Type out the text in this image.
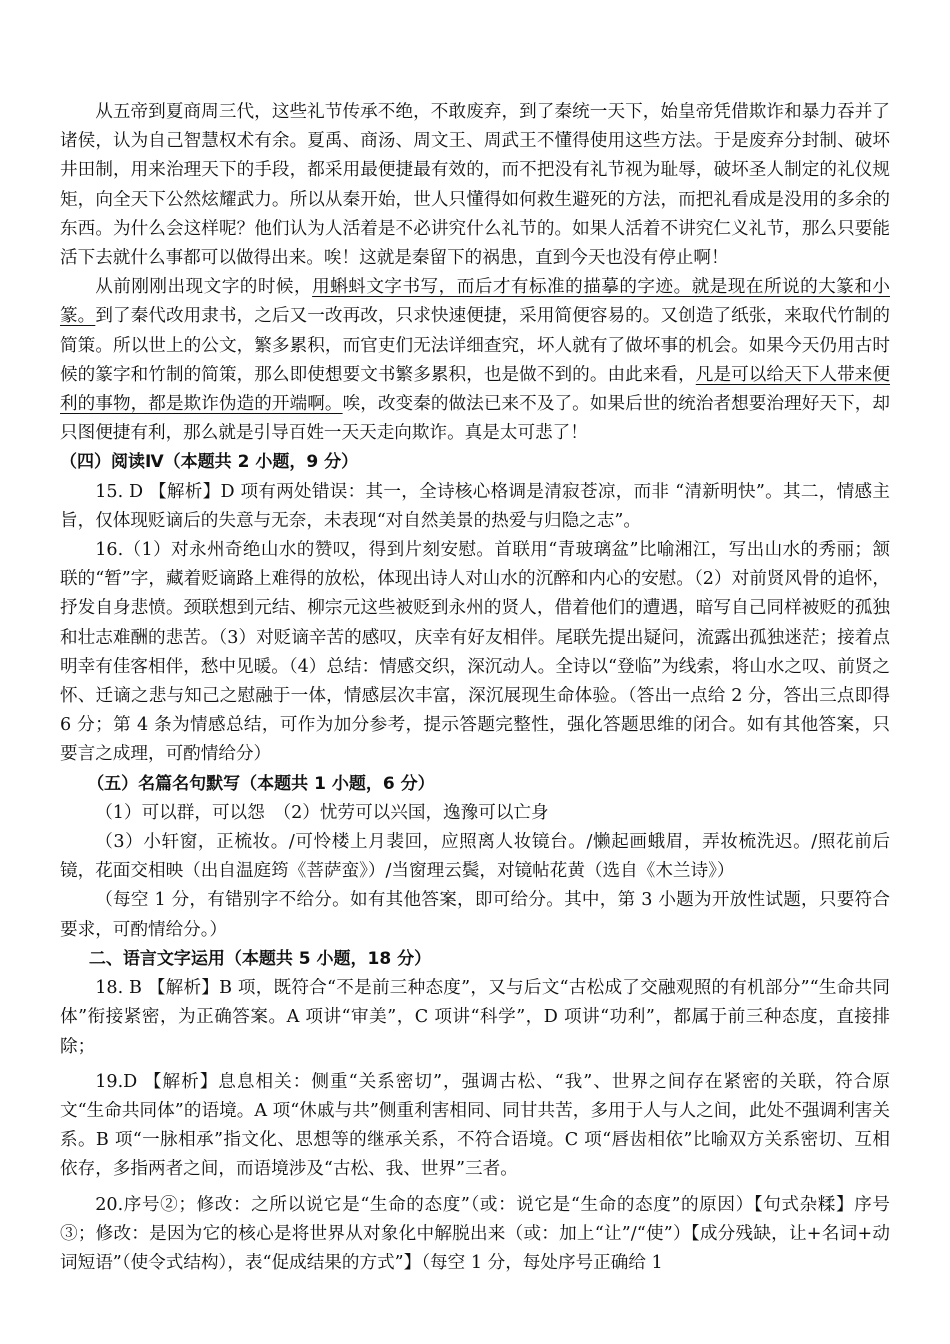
从五帝到夏商周三代，这些礼节传承不绝，不敢废弃，到了秦统一天下，始皇帝凭借欺诈和暴力吞并了诸侯，认为自己智慧权术有余。夏禹、商汤、周文王、周武王不懂得使用这些方法。于是废弃分封制、破坏井田制，用来治理天下的手段，都采用最便捷最有效的，而不把没有礼节视为耻辱，破坏圣人制定的礼仪规矩，向全天下公然炫耀武力。所以从秦开始，世人只懂得如何救生避死的方法，而把礼看成是没用的多余的东西。为什么会这样呢？他们认为人活着是不必讲究什么礼节的。如果人活着不讲究仁义礼节，那么只要能活下去就什么事都可以做得出来。唉！这就是秦留下的祸患，直到今天也没有停止啊！

从前刚刚出现文字的时候，用蝌蚪文字书写，而后才有标准的描摹的字迹。就是现在所说的大篆和小篆。到了秦代改用隶书，之后又一改再改，只求快速便捷，采用简便容易的。又创造了纸张，来取代竹制的简策。所以世上的公文，繁多累积，而官吏们无法详细查究，坏人就有了做坏事的机会。如果今天仍用古时候的篆字和竹制的简策，那么即使想要文书繁多累积，也是做不到的。由此来看，凡是可以给天下人带来便利的事物，都是欺诈伪造的开端啊。唉，改变秦的做法已来不及了。如果后世的统治者想要治理好天下，却只图便捷有利，那么就是引导百姓一天天走向欺诈。真是太可悲了！

（四）阅读Ⅳ（本题共 2 小题，9 分）

15. D 【解析】D 项有两处错误：其一，全诗核心格调是清寂苍凉，而非 “清新明快”。其二，情感主旨，仅体现贬谪后的失意与无奈，未表现“对自然美景的热爱与归隐之志”。

16.（1）对永州奇绝山水的赞叹，得到片刻安慰。首联用“青玻璃盆”比喻湘江，写出山水的秀丽；颔联的“暂”字，藏着贬谪路上难得的放松，体现出诗人对山水的沉醉和内心的安慰。（2）对前贤风骨的追怀，抒发自身悲愤。颈联想到元结、柳宗元这些被贬到永州的贤人，借着他们的遭遇，暗写自己同样被贬的孤独和壮志难酬的悲苦。（3）对贬谪辛苦的感叹，庆幸有好友相伴。尾联先提出疑问，流露出孤独迷茫；接着点明幸有佳客相伴，愁中见暖。（4）总结：情感交织，深沉动人。全诗以“登临”为线索，将山水之叹、前贤之怀、迁谪之悲与知己之慰融于一体，情感层次丰富，深沉展现生命体验。（答出一点给 2 分，答出三点即得 6 分；第 4 条为情感总结，可作为加分参考，提示答题完整性，强化答题思维的闭合。如有其他答案，只要言之成理，可酌情给分）

（五）名篇名句默写（本题共 1 小题，6 分）

（1）可以群，可以怨　（2）忧劳可以兴国，逸豫可以亡身

（3）小轩窗，正梳妆。/可怜楼上月裴回，应照离人妆镜台。/懒起画蛾眉，弄妆梳洗迟。/照花前后镜，花面交相映（出自温庭筠《菩萨蛮》）/当窗理云鬓，对镜帖花黄（选自《木兰诗》）

（每空 1 分，有错别字不给分。如有其他答案，即可给分。其中，第 3 小题为开放性试题，只要符合要求，可酌情给分。）

二、语言文字运用（本题共 5 小题，18 分）

18. B 【解析】B 项，既符合“不是前三种态度”，又与后文“古松成了交融观照的有机部分”“生命共同体”衔接紧密，为正确答案。A 项讲“审美”，C 项讲“科学”，D 项讲“功利”，都属于前三种态度，直接排除；

19.D 【解析】息息相关：侧重“关系密切”，强调古松、“我”、世界之间存在紧密的关联，符合原文“生命共同体”的语境。A 项“休戚与共”侧重利害相同、同甘共苦，多用于人与人之间，此处不强调利害关系。B 项“一脉相承”指文化、思想等的继承关系，不符合语境。C 项“唇齿相依”比喻双方关系密切、互相依存，多指两者之间，而语境涉及“古松、我、世界”三者。

20.序号②；修改：之所以说它是“生命的态度”（或：说它是“生命的态度”的原因）【句式杂糅】序号③；修改：是因为它的核心是将世界从对象化中解脱出来（或：加上“让”/“使”）【成分残缺，让+名词+动词短语”（使令式结构），表“促成结果的方式”】（每空 1 分，每处序号正确给 1
